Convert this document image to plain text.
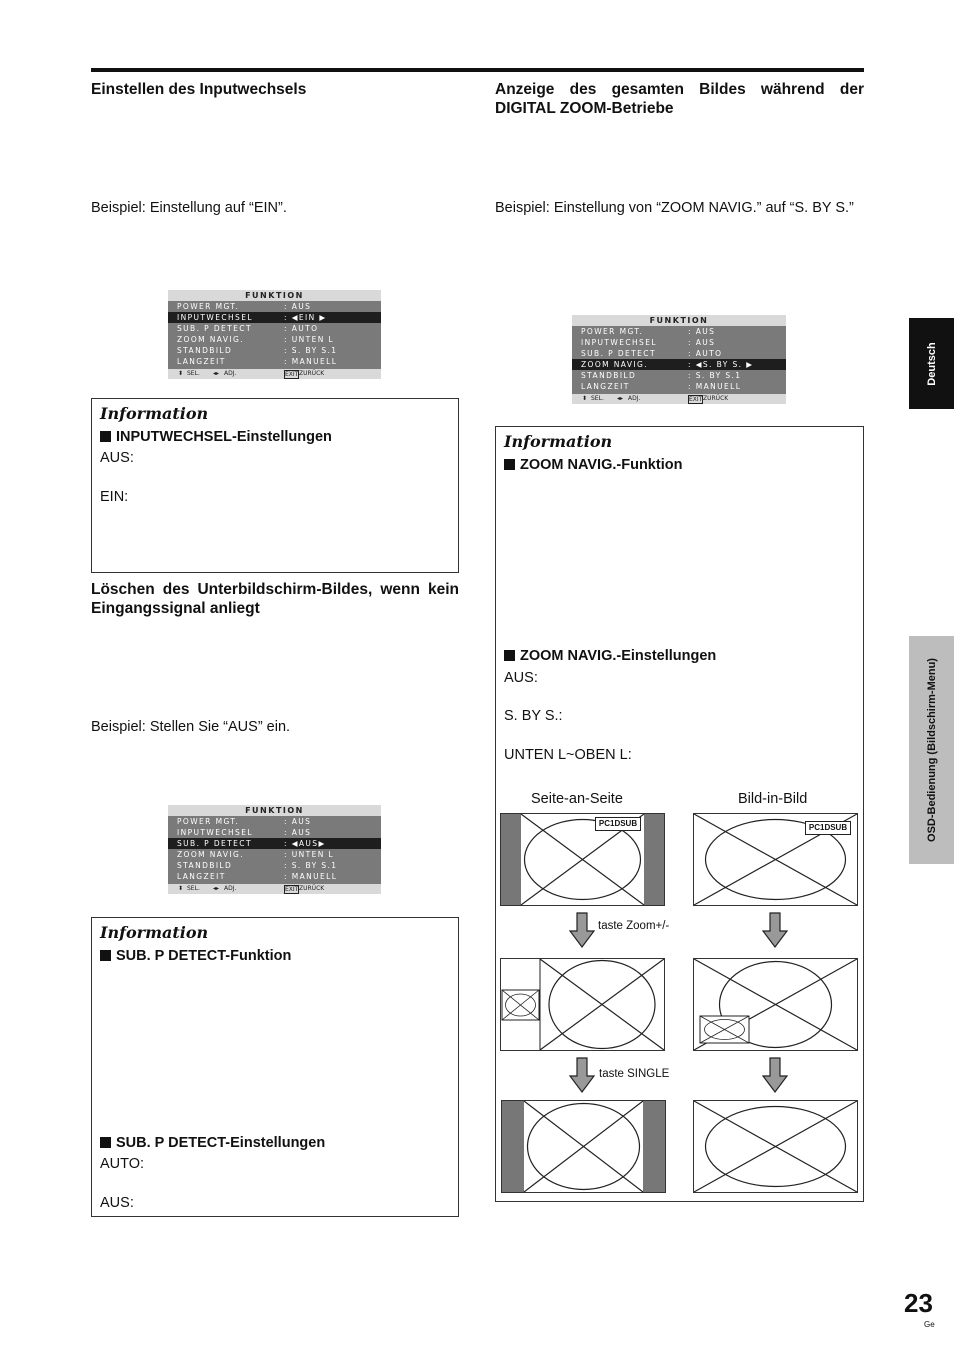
Einstellen des Inputwechsels
Beispiel: Einstellung auf “EIN”.
FUNKTION
POWER MGT.	: AUS
INPUTWECHSEL	: ◀EIN ▶
SUB. P DETECT	: AUTO
ZOOM NAVIG.	: UNTEN L
STANDBILD	: S. BY S.1
LANGZEIT	: MANUELL
⬍ SEL. ◂▸ ADJ.	EXIT ZURÜCK
Information
INPUTWECHSEL-Einstellungen
AUS:
EIN:
Löschen des Unterbildschirm-Bildes, wenn kein Eingangssignal anliegt
Beispiel: Stellen Sie “AUS” ein.
FUNKTION
POWER MGT.	: AUS
INPUTWECHSEL	: AUS
SUB. P DETECT	: ◀AUS▶
ZOOM NAVIG.	: UNTEN L
STANDBILD	: S. BY S.1
LANGZEIT	: MANUELL
⬍ SEL. ◂▸ ADJ.	EXIT ZURÜCK
Information
SUB. P DETECT-Funktion
SUB. P DETECT-Einstellungen
AUTO:
AUS:
Anzeige des gesamten Bildes während der DIGITAL ZOOM-Betriebe
Beispiel: Einstellung von “ZOOM NAVIG.” auf “S. BY S.”
FUNKTION
POWER MGT.	: AUS
INPUTWECHSEL	: AUS
SUB. P DETECT	: AUTO
ZOOM NAVIG.	: ◀S. BY S. ▶
STANDBILD	: S. BY S.1
LANGZEIT	: MANUELL
⬍ SEL. ◂▸ ADJ.	EXIT ZURÜCK
Information
ZOOM NAVIG.-Funktion
ZOOM NAVIG.-Einstellungen
AUS:
S. BY S.:
UNTEN L~OBEN L:
Seite-an-Seite	Bild-in-Bild
PC1DSUB	PC1DSUB
taste Zoom+/-
taste SINGLE
Deutsch
OSD-Bedienung (Bildschirm-Menu)
23
Ge
